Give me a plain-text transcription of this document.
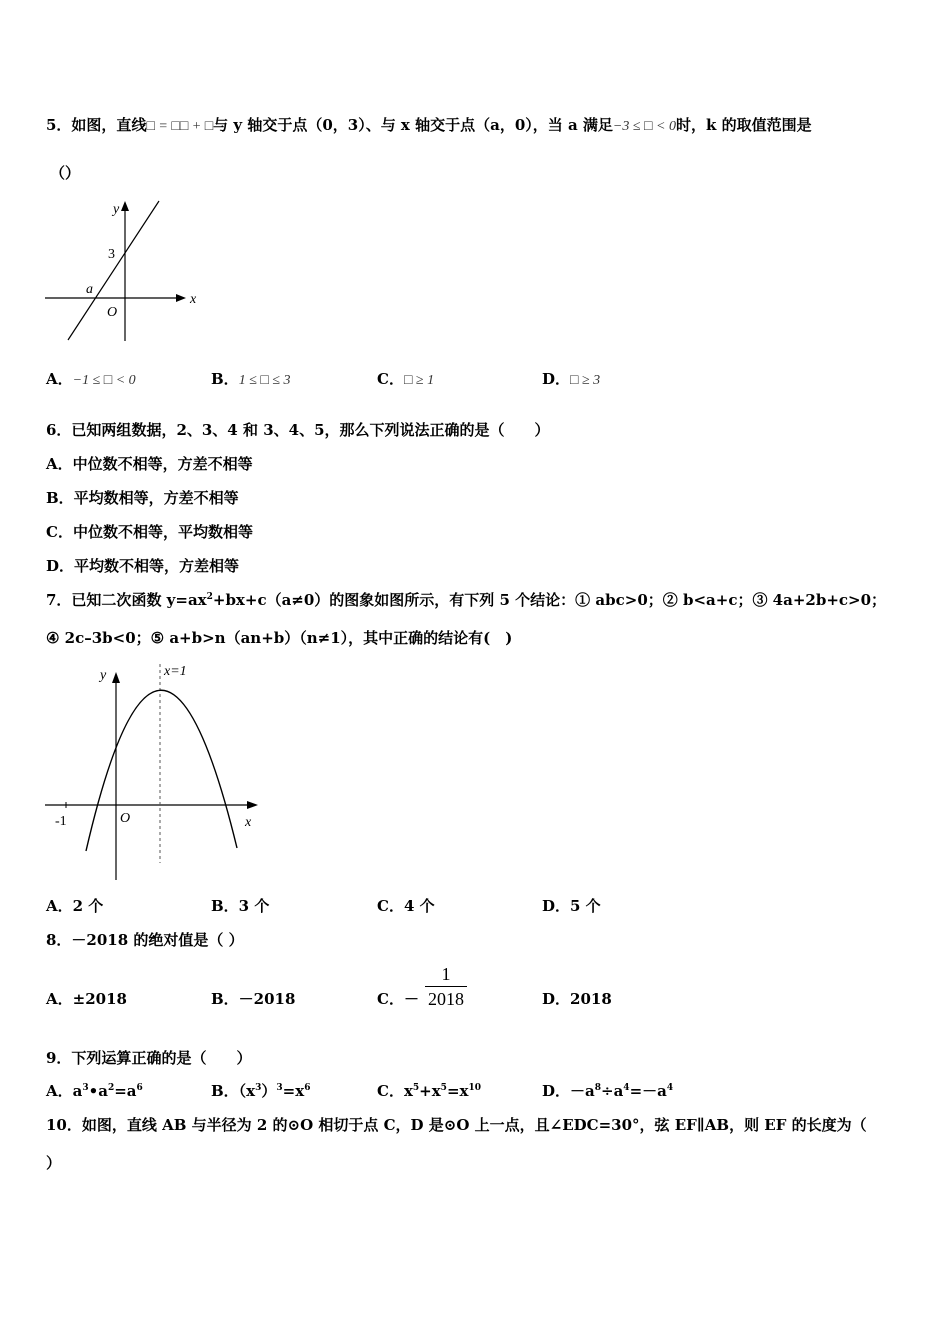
5．如图，直线□ = □□ + □与 y 轴交于点（0，3）、与 x 轴交于点（a，0），当 a 满足−3 ≤ □ < 0时，k 的取值范围是
（）
y
x
3
a
O
A．−1 ≤ □ < 0	B．1 ≤ □ ≤ 3	C．□ ≥ 1	D．□ ≥ 3
6．已知两组数据，2、3、4 和 3、4、5，那么下列说法正确的是（　　）
A．中位数不相等，方差不相等
B．平均数相等，方差不相等
C．中位数不相等，平均数相等
D．平均数不相等，方差相等
7．已知二次函数 $y=ax^2+bx+c(a\ne 0)$的图象如图所示，有下列 5 个结论：① abc>0；② b<a+c；③ 4a+2b+c>0；
④ 2c–3b<0；⑤ a+b>n（an+b）（n≠1），其中正确的结论有(　)
y
x
x=1
-1	O
A．2 个	B．3 个	C．4 个	D．5 个
8．－2018 的绝对值是（ ）
A．±2018	B．－2018	C．－
1
2018	D．2018
9．下列运算正确的是（　　）
A．$a^3•a^2=a^6$	B．$(x^3)^3=x^6$	C．$x^5+x^5=x^{10}$	D．$-a^8\div a^4=-a^4$
10．如图，直线 AB 与半径为 2 的⊙O 相切于点 C，D 是⊙O 上一点，且∠EDC=30°，弦 EF∥AB，则 EF 的长度为（
）
